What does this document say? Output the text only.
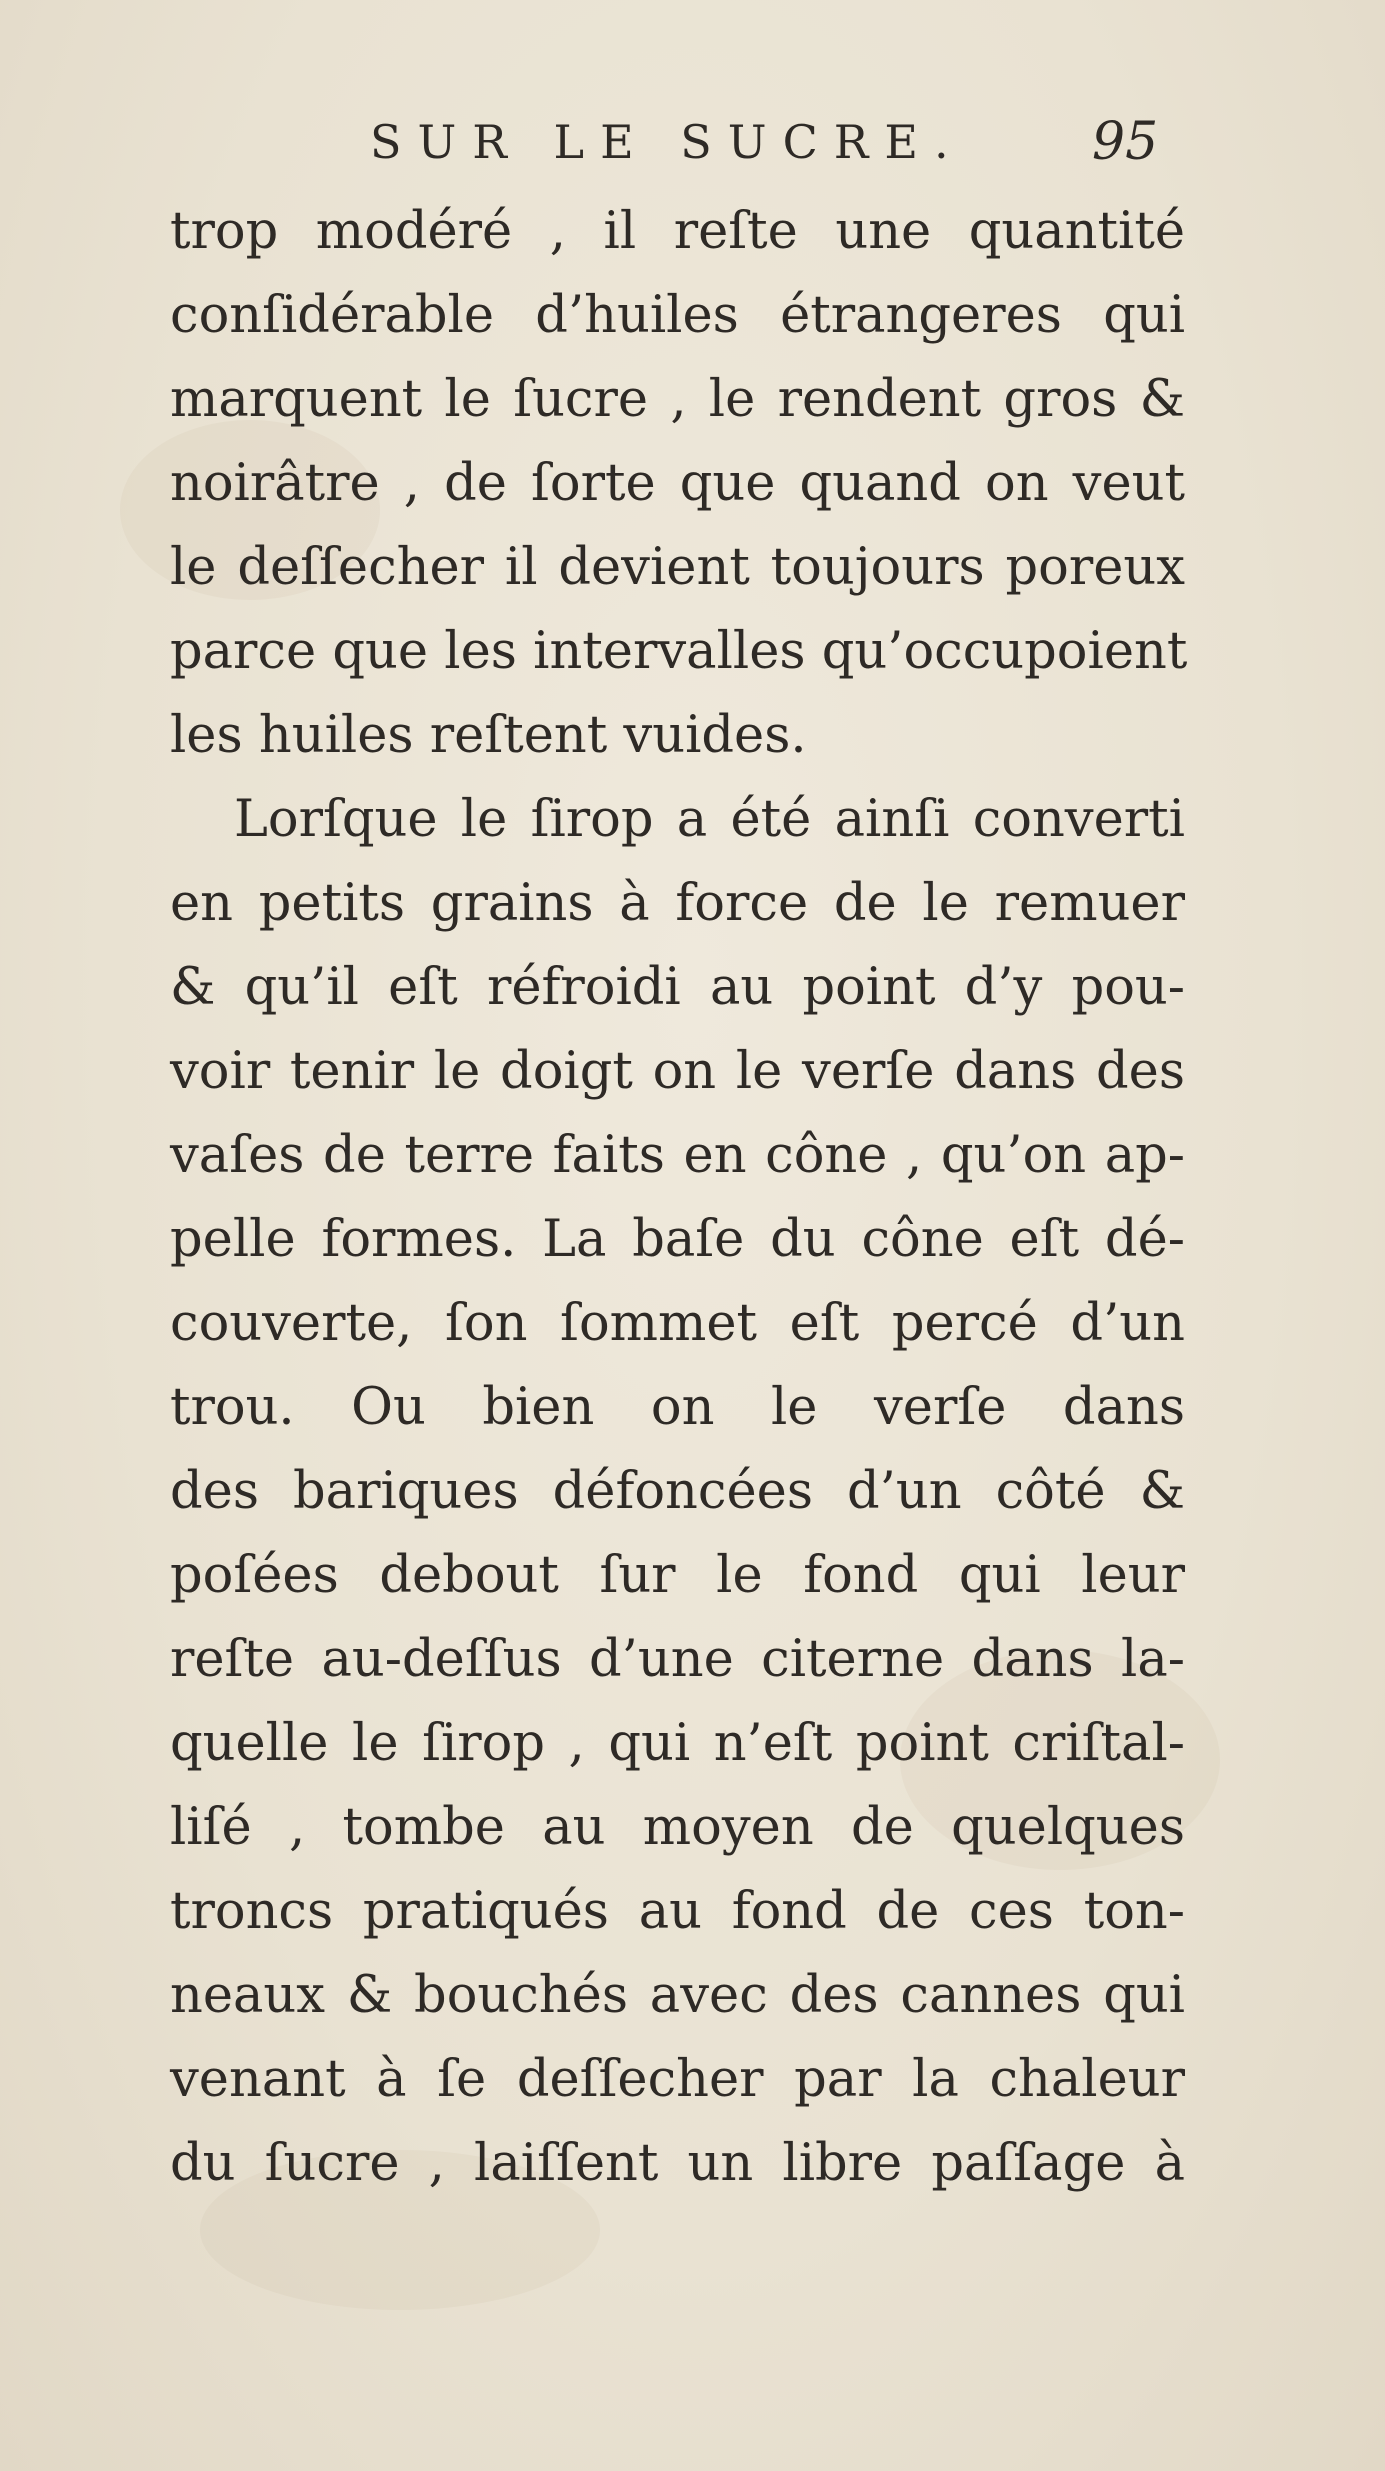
SUR LE SUCRE. 95
trop modéré , il reſte une quantité
conſidérable d’huiles étrangeres qui
marquent le ſucre , le rendent gros &
noirâtre , de ſorte que quand on veut
le deſſecher il devient toujours poreux
parce que les intervalles qu’occupoient
les huiles reſtent vuides.
Lorſque le ſirop a été ainſi converti
en petits grains à force de le remuer
& qu’il eſt réfroidi au point d’y pou-
voir tenir le doigt on le verſe dans des
vaſes de terre faits en cône , qu’on ap-
pelle formes. La baſe du cône eſt dé-
couverte, ſon ſommet eſt percé d’un
trou. Ou bien on le verſe dans
des bariques défoncées d’un côté &
poſées debout ſur le fond qui leur
reſte au-deſſus d’une citerne dans la-
quelle le ſirop , qui n’eſt point criſtal-
liſé , tombe au moyen de quelques
troncs pratiqués au fond de ces ton-
neaux & bouchés avec des cannes qui
venant à ſe deſſecher par la chaleur
du ſucre , laiſſent un libre paſſage à
